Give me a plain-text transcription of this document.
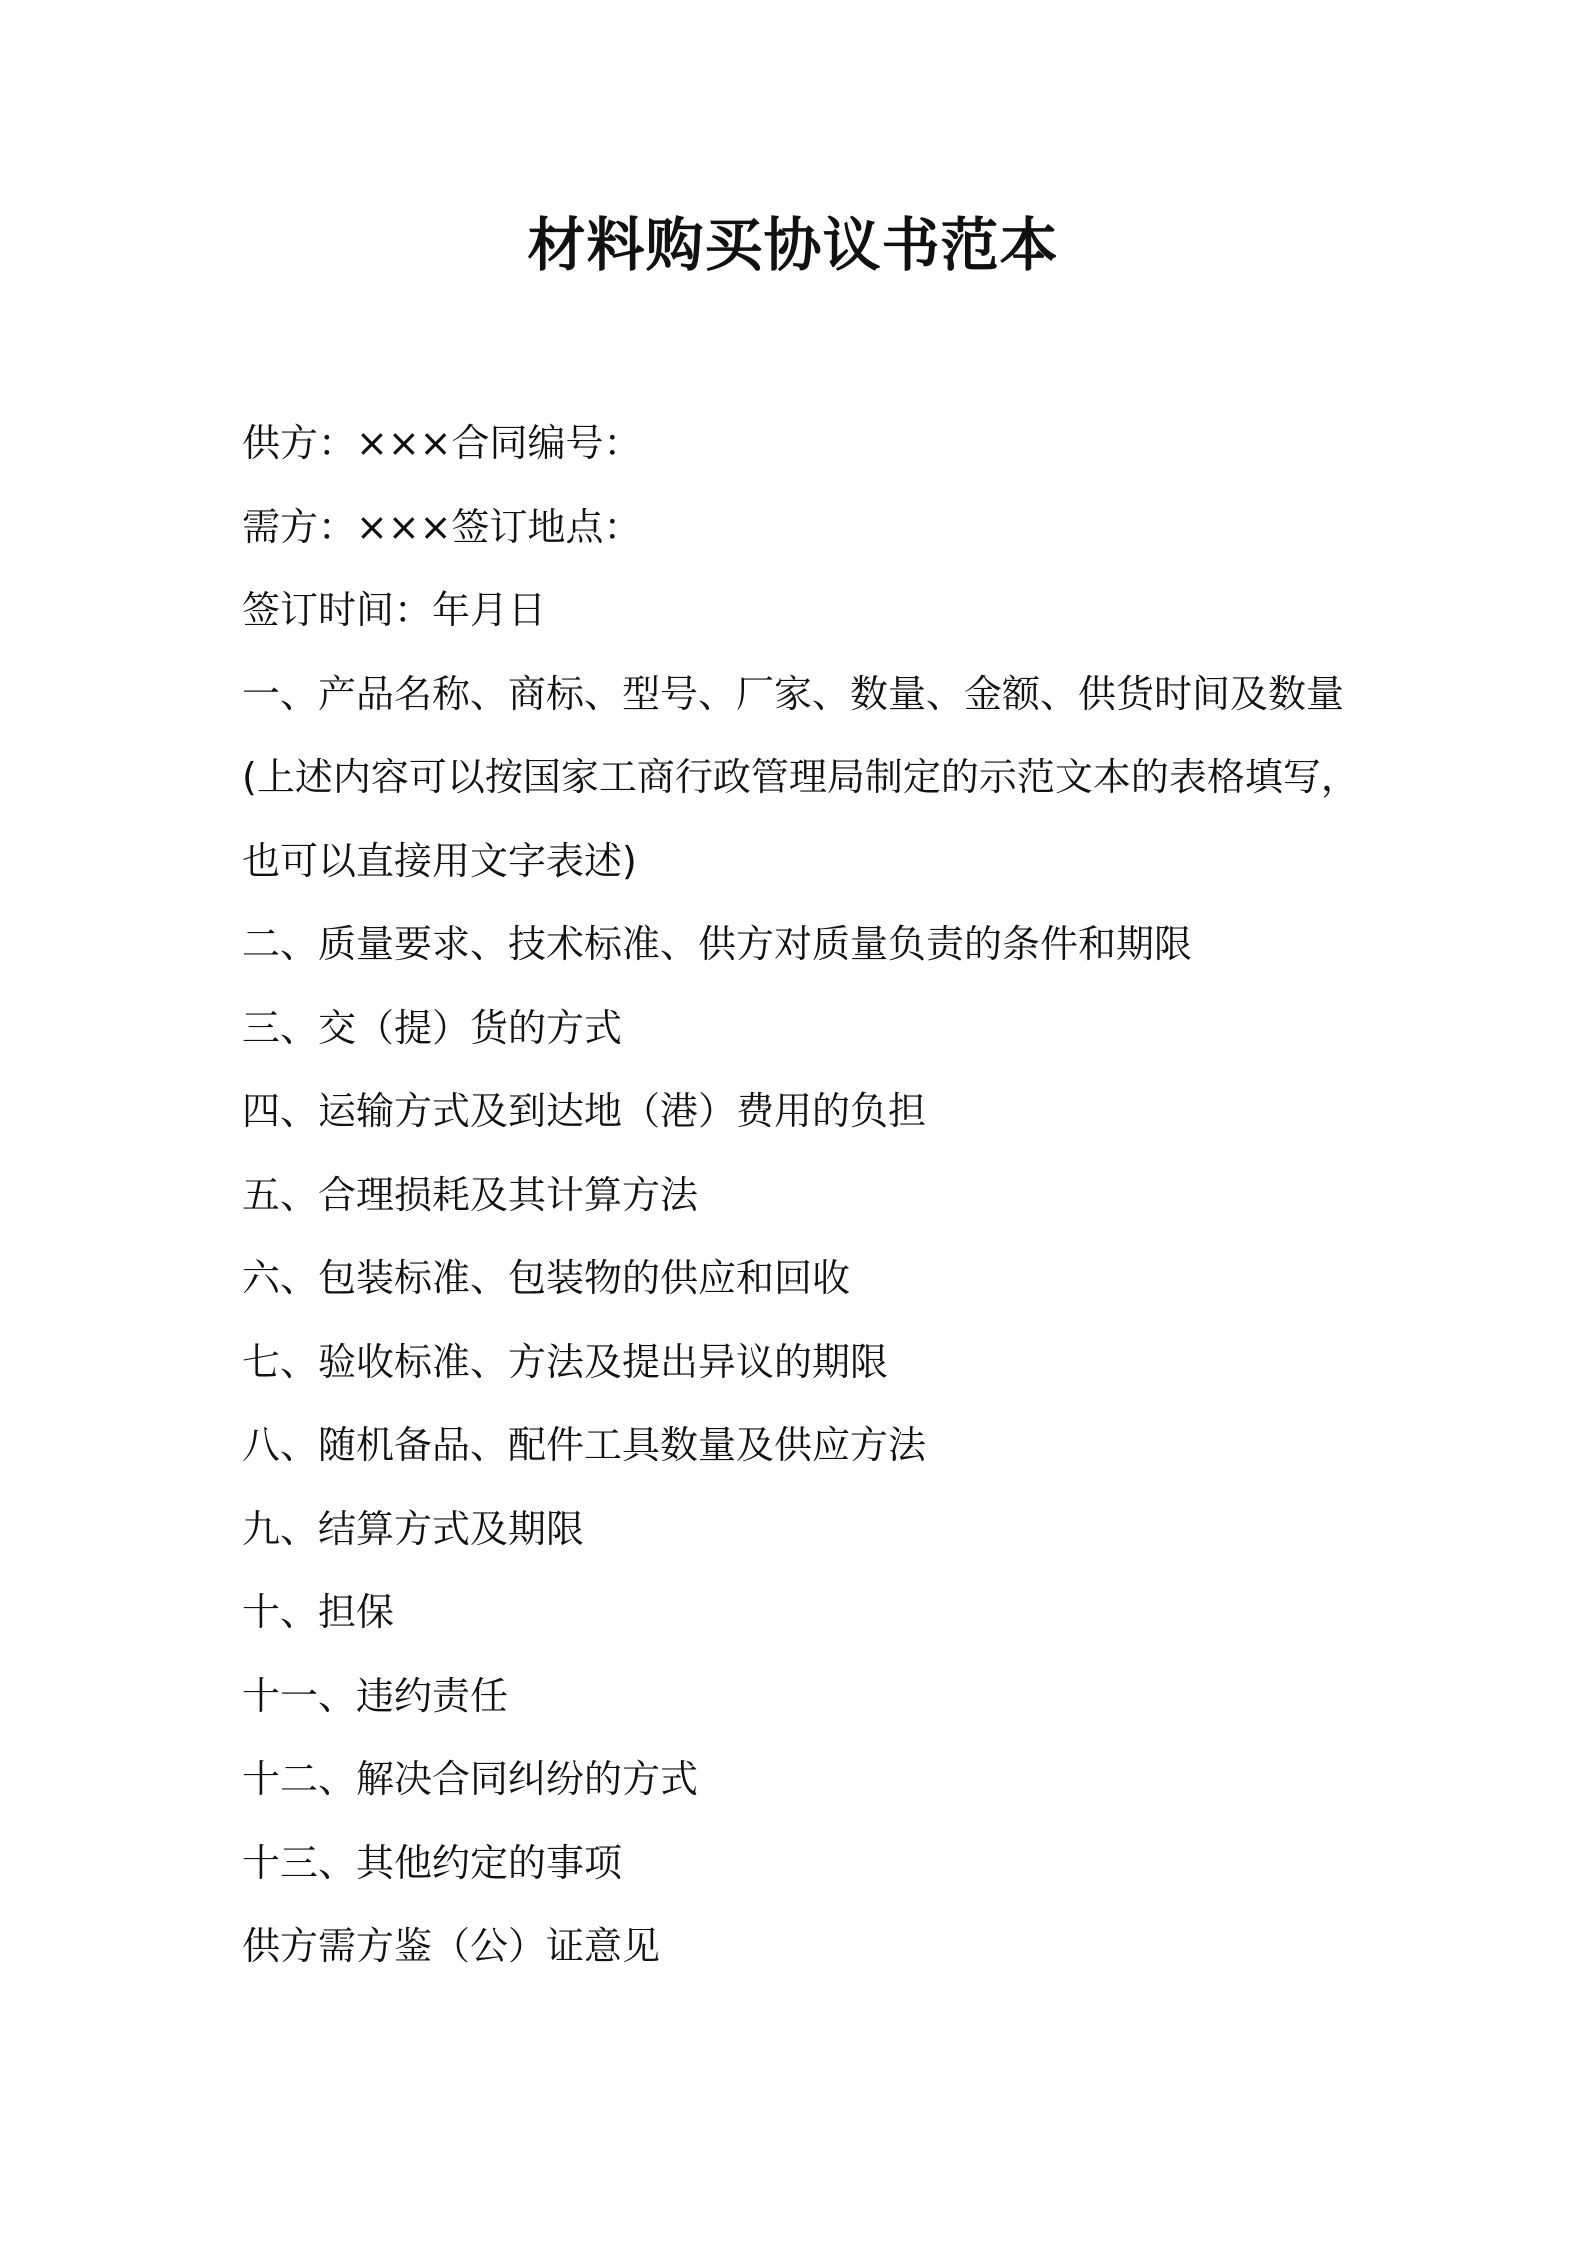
材料购买协议书范本

供方：×××合同编号：

需方：×××签订地点：

签订时间：年月日

一、产品名称、商标、型号、厂家、数量、金额、供货时间及数量

(上述内容可以按国家工商行政管理局制定的示范文本的表格填写，

也可以直接用文字表述)

二、质量要求、技术标准、供方对质量负责的条件和期限

三、交（提）货的方式

四、运输方式及到达地（港）费用的负担

五、合理损耗及其计算方法

六、包装标准、包装物的供应和回收

七、验收标准、方法及提出异议的期限

八、随机备品、配件工具数量及供应方法

九、结算方式及期限

十、担保

十一、违约责任

十二、解决合同纠纷的方式

十三、其他约定的事项

供方需方鉴（公）证意见
